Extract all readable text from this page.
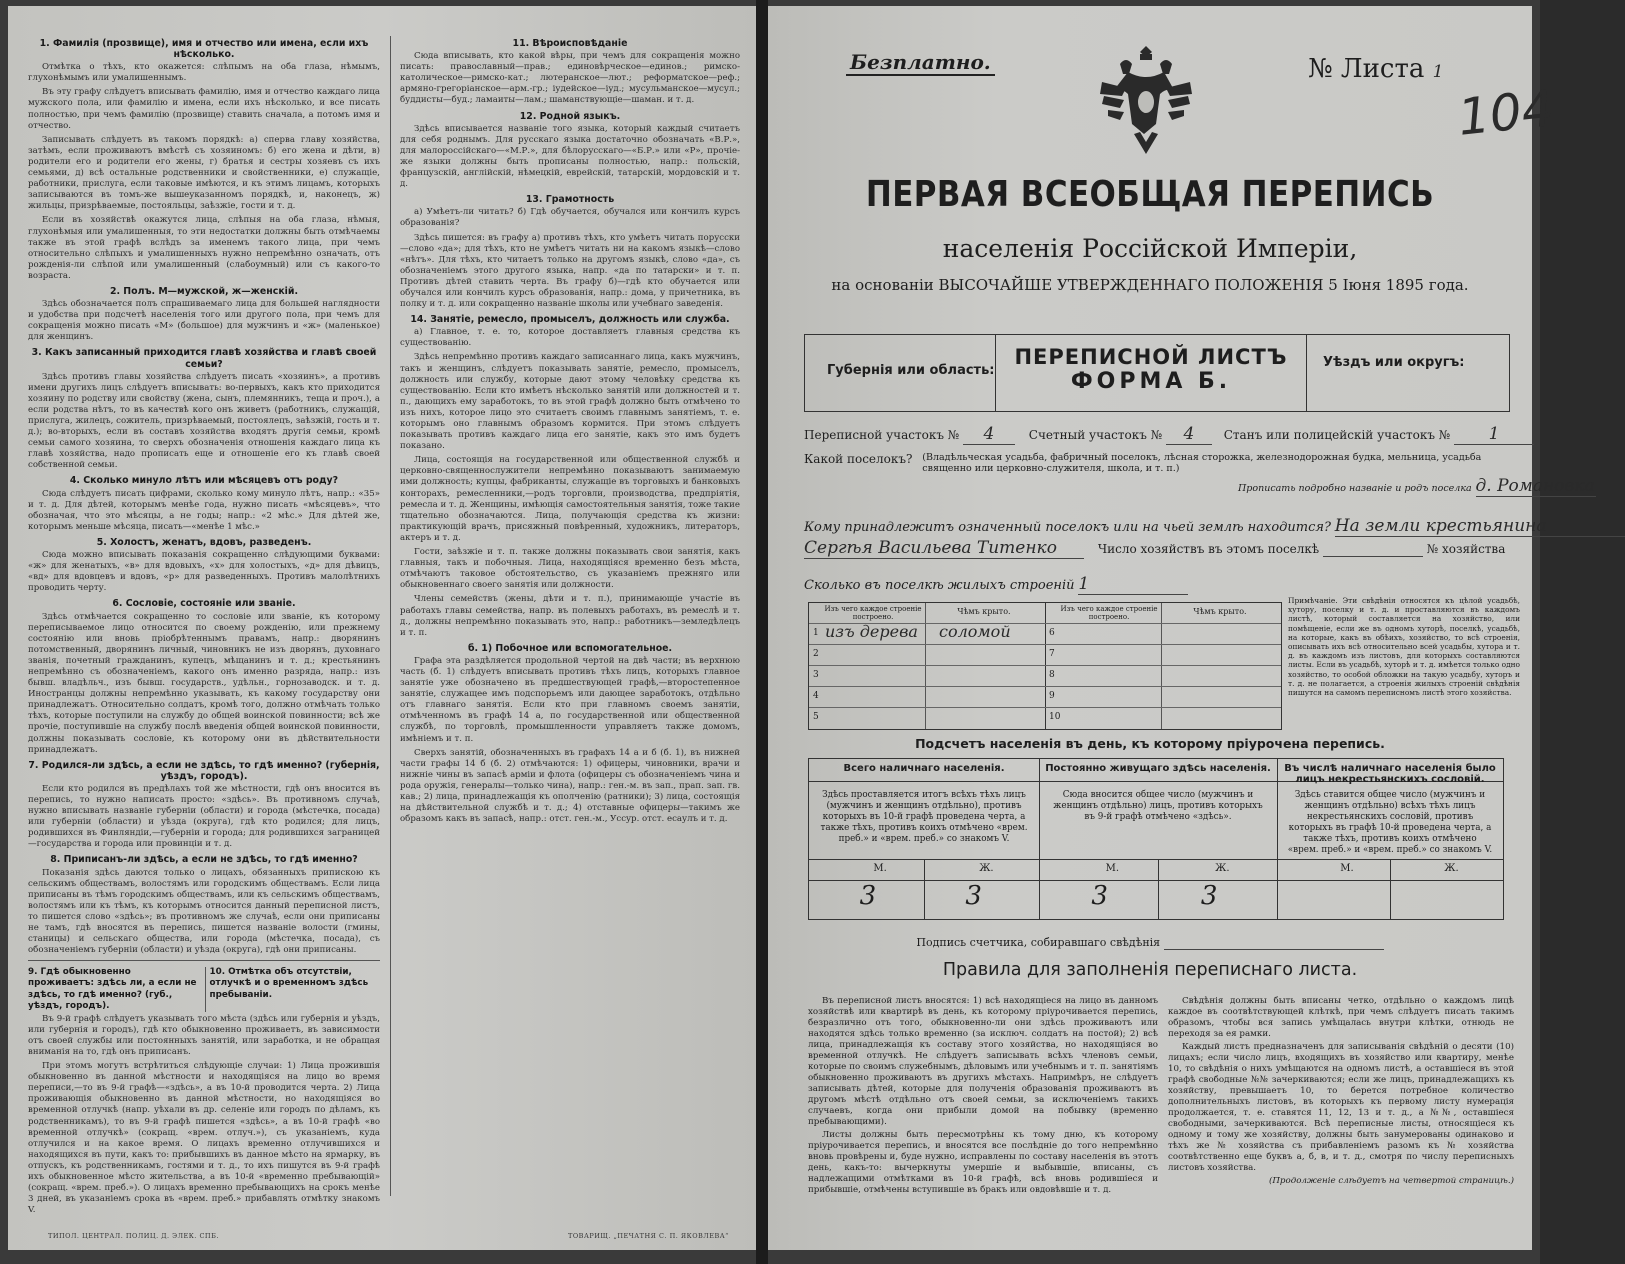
1. Фамилія (прозвище), имя и отчество или имена, если ихъ нѣсколько.

Отмѣтка о тѣхъ, кто окажется: слѣпымъ на оба глаза, нѣмымъ, глухонѣмымъ или умалишеннымъ.

Въ эту графу слѣдуетъ вписывать фамилію, имя и отчество каждаго лица мужского пола, или фамилію и имена, если ихъ нѣсколько, и все писать полностью, при чемъ фамилію (прозвище) ставить сначала, а потомъ имя и отчество.

Записывать слѣдуетъ въ такомъ порядкѣ: а) сперва главу хозяйства, затѣмъ, если проживаютъ вмѣстѣ съ хозяиномъ: б) его жена и дѣти, в) родители его и родители его жены, г) братья и сестры хозяевъ съ ихъ семьями, д) всѣ остальные родственники и свойственники, е) служащіе, работники, прислуга, если таковые имѣются, и къ этимъ лицамъ, которыхъ записываются въ томъ-же вышеуказанномъ порядкѣ, и, наконецъ, ж) жильцы, призрѣваемые, постояльцы, заѣзжіе, гости и т. д.

Если въ хозяйствѣ окажутся лица, слѣпыя на оба глаза, нѣмыя, глухонѣмыя или умалишенныя, то эти недостатки должны быть отмѣчаемы также въ этой графѣ вслѣдъ за именемъ такого лица, при чемъ относительно слѣпыхъ и умалишенныхъ нужно непремѣнно означать, отъ рожденія-ли слѣпой или умалишенный (слабоумный) или съ какого-то возраста.

2. Полъ. М—мужской, ж—женскій.

Здѣсь обозначается полъ спрашиваемаго лица для большей наглядности и удобства при подсчетѣ населенія того или другого пола, при чемъ для сокращенія можно писать «М» (большое) для мужчинъ и «ж» (маленькое) для женщинъ.

3. Какъ записанный приходится главѣ хозяйства и главѣ своей семьи?

Здѣсь противъ главы хозяйства слѣдуетъ писать «хозяинъ», а противъ имени другихъ лицъ слѣдуетъ вписывать: во-первыхъ, какъ кто приходится хозяину по родству или свойству (жена, сынъ, племянникъ, теща и проч.), а если родства нѣтъ, то въ качествѣ кого онъ живетъ (работникъ, служащій, прислуга, жилецъ, сожитель, призрѣваемый, постоялецъ, заѣзжій, гость и т. д.); во-вторыхъ, если въ составъ хозяйства входятъ другія семьи, кромѣ семьи самого хозяина, то сверхъ обозначенія отношенія каждаго лица къ главѣ хозяйства, надо прописать еще и отношеніе его къ главѣ своей собственной семьи.

4. Сколько минуло лѣтъ или мѣсяцевъ отъ роду?

Сюда слѣдуетъ писать цифрами, сколько кому минуло лѣтъ, напр.: «35» и т. д. Для дѣтей, которымъ менѣе года, нужно писать «мѣсяцевъ», что обозначая, что это мѣсяцы, а не годы; напр.: «2 мѣс.» Для дѣтей же, которымъ меньше мѣсяца, писать—«менѣе 1 мѣс.»

5. Холостъ, женатъ, вдовъ, разведенъ.

Сюда можно вписывать показанія сокращенно слѣдующими буквами: «ж» для женатыхъ, «в» для вдовыхъ, «х» для холостыхъ, «д» для дѣвицъ, «вд» для вдовцевъ и вдовъ, «р» для разведенныхъ. Противъ малолѣтнихъ проводить черту.

6. Сословіе, состояніе или званіе.

Здѣсь отмѣчается сокращенно то сословіе или званіе, къ которому переписываемое лицо относится по своему рожденію, или прежнему состоянію или вновь пріобрѣтеннымъ правамъ, напр.: дворянинъ потомственный, дворянинъ личный, чиновникъ не изъ дворянъ, духовнаго званія, почетный гражданинъ, купецъ, мѣщанинъ и т. д.; крестьянинъ непремѣнно съ обозначеніемъ, какого онъ именно разряда, напр.: изъ бывш. владѣльч., изъ бывш. государств., удѣльн., горнозаводск. и т. д. Иностранцы должны непремѣнно указывать, къ какому государству они принадлежатъ. Относительно солдатъ, кромѣ того, должно отмѣчать только тѣхъ, которые поступили на службу до общей воинской повинности; всѣ же прочіе, поступившіе на службу послѣ введенія общей воинской повинности, должны показывать сословіе, къ которому они въ дѣйствительности принадлежатъ.

7. Родился-ли здѣсь, а если не здѣсь, то гдѣ именно? (губернія, уѣздъ, городъ).

Если кто родился въ предѣлахъ той же мѣстности, гдѣ онъ вносится въ перепись, то нужно написать просто: «здѣсь». Въ противномъ случаѣ, нужно вписывать названіе губерніи (области) и города (мѣстечка, посада) или губерніи (области) и уѣзда (округа), гдѣ кто родился; для лицъ, родившихся въ Финляндіи,—губерніи и города; для родившихся заграницей—государства и города или провинціи и т. д.

8. Приписанъ-ли здѣсь, а если не здѣсь, то гдѣ именно?

Показанія здѣсь даются только о лицахъ, обязанныхъ припискою къ сельскимъ обществамъ, волостямъ или городскимъ обществамъ. Если лица приписаны въ тѣмъ городскимъ обществамъ, или къ сельскимъ обществамъ, волостямъ или къ тѣмъ, къ которымъ относится данный переписной листъ, то пишется слово «здѣсь»; въ противномъ же случаѣ, если они приписаны не тамъ, гдѣ вносятся въ перепись, пишется названіе волости (гмины, станицы) и сельскаго общества, или города (мѣстечка, посада), съ обозначеніемъ губерніи (области) и уѣзда (округа), гдѣ они приписаны.

9. Гдѣ обыкновенно проживаетъ: здѣсь ли, а если не здѣсь, то гдѣ именно? (губ., уѣздъ, городъ).
10. Отмѣтка объ отсутствіи, отлучкѣ и о временномъ здѣсь пребываніи.

Въ 9-й графѣ слѣдуетъ указывать того мѣста (здѣсь или губернія и уѣздъ, или губернія и городъ), гдѣ кто обыкновенно проживаетъ, въ зависимости отъ своей службы или постоянныхъ занятій, или заработка, и не обращая вниманія на то, гдѣ онъ приписанъ.

При этомъ могутъ встрѣтиться слѣдующіе случаи: 1) Лица прожившія обыкновенно въ данной мѣстности и находящіяся на лицо во время переписи,—то въ 9-й графѣ—«здѣсь», а въ 10-й проводится черта. 2) Лица проживающія обыкновенно въ данной мѣстности, но находящіяся во временной отлучкѣ (напр. уѣхали въ др. селеніе или городъ по дѣламъ, къ родственникамъ), то въ 9-й графѣ пишется «здѣсь», а въ 10-й графѣ «во временной отлучкѣ» (сокращ. «врем. отлуч.»), съ указаніемъ, куда отлучился и на какое время. О лицахъ временно отлучившихся и находящихся въ пути, какъ то: прибывшихъ въ данное мѣсто на ярмарку, въ отпускъ, къ родственникамъ, гостями и т. д., то ихъ пишутся въ 9-й графѣ ихъ обыкновенное мѣсто жительства, а въ 10-й «временно пребывающій» (сокращ. «врем. преб.»). О лицахъ временно пребывающихъ на срокъ менѣе 3 дней, въ указаніемъ срока въ «врем. преб.» прибавлять отмѣтку знакомъ V.

11. Вѣроисповѣданіе

Сюда вписывать, кто какой вѣры, при чемъ для сокращенія можно писать: православный—прав.; единовѣрческое—единов.; римско-католическое—римско-кат.; лютеранское—лют.; реформатское—реф.; армяно-грегоріанское—арм.-гр.; іудейское—іуд.; мусульманское—мусул.; буддисты—буд.; ламаиты—лам.; шаманствующіе—шаман. и т. д.

12. Родной языкъ.

Здѣсь вписывается названіе того языка, который каждый считаетъ для себя роднымъ. Для русскаго языка достаточно обозначать «В.Р.», для малороссійскаго—«М.Р.», для бѣлорусскаго—«Б.Р.» или «Р», прочіе-же языки должны быть прописаны полностью, напр.: польскій, французскій, англійскій, нѣмецкій, еврейскій, татарскій, мордовскій и т. д.

13. Грамотность

а) Умѣетъ-ли читать? б) Гдѣ обучается, обучался или кончилъ курсъ образованія?

Здѣсь пишется: въ графу а) противъ тѣхъ, кто умѣетъ читать порусски—слово «да»; для тѣхъ, кто не умѣетъ читать ни на какомъ языкѣ—слово «нѣтъ». Для тѣхъ, кто читаетъ только на другомъ языкѣ, слово «да», съ обозначеніемъ этого другого языка, напр. «да по татарски» и т. п. Противъ дѣтей ставить черта. Въ графу б)—гдѣ кто обучается или обучался или кончилъ курсъ образованія, напр.: дома, у причетника, въ полку и т. д. или сокращенно названіе школы или учебнаго заведенія.

14. Занятіе, ремесло, промыселъ, должность или служба.

а) Главное, т. е. то, которое доставляетъ главныя средства къ существованію.

Здѣсь непремѣнно противъ каждаго записаннаго лица, какъ мужчинъ, такъ и женщинъ, слѣдуетъ показывать занятіе, ремесло, промыселъ, должность или службу, которые дают этому человѣку средства къ существованію. Если кто имѣетъ нѣсколько занятій или должностей и т. п., дающихъ ему заработокъ, то въ этой графѣ должно быть отмѣчено то изъ нихъ, которое лицо это считаетъ своимъ главнымъ занятіемъ, т. е. которымъ оно главнымъ образомъ кормится. При этомъ слѣдуетъ показывать противъ каждаго лица его занятіе, какъ это имъ будетъ показано.

Лица, состоящія на государственной или общественной службѣ и церковно-священнослужители непремѣнно показываютъ занимаемую ими должность; купцы, фабриканты, служащіе въ торговыхъ и банковыхъ конторахъ, ремесленники,—родъ торговли, производства, предпріятія, ремесла и т. д. Женщины, имѣющія самостоятельныя занятія, тоже такие тщательно обозначаются. Лица, получающія средства къ жизни: практикующій врачъ, присяжный повѣренный, художникъ, литераторъ, актеръ и т. д.

Гости, заѣзжіе и т. п. также должны показывать свои занятія, какъ главныя, такъ и побочныя. Лица, находящіяся временно безъ мѣста, отмѣчаютъ таковое обстоятельство, съ указаніемъ прежняго или обыкновеннаго своего занятія или должности.

Члены семействъ (жены, дѣти и т. п.), принимающіе участіе въ работахъ главы семейства, напр. въ полевыхъ работахъ, въ ремеслѣ и т. д., должны непремѣнно показывать это, напр.: работникъ—земледѣлецъ и т. п.

б. 1) Побочное или вспомогательное.

Графа эта раздѣляется продольной чертой на двѣ части; въ верхнюю часть (б. 1) слѣдуетъ вписывать противъ тѣхъ лицъ, которыхъ главное занятіе уже обозначено въ предшествующей графѣ,—второстепенное занятіе, служащее имъ подспорьемъ или дающее заработокъ, отдѣльно отъ главнаго занятія. Если кто при главномъ своемъ занятіи, отмѣченномъ въ графѣ 14 а, по государственной или общественной службѣ, по торговлѣ, промышленности управляетъ также домомъ, имѣніемъ и т. п.

Сверхъ занятій, обозначенныхъ въ графахъ 14 а и б (б. 1), въ нижней части графы 14 б (б. 2) отмѣчаются: 1) офицеры, чиновники, врачи и нижніе чины въ запасѣ арміи и флота (офицеры съ обозначеніемъ чина и рода оружія, генералы—только чина), напр.: ген.-м. въ зап., прап. зап. гв. кав.; 2) лица, принадлежащія къ ополченію (ратники); 3) лица, состоящія на дѣйствительной службѣ и т. д.; 4) отставные офицеры—такимъ же образомъ какъ въ запасѣ, напр.: отст. ген.-м., Уссур. отст. есаулъ и т. д.

ТИПОЛ. ЦЕНТРАЛ. ПОЛИЦ. Д. ЭЛЕК. СПБ.	ТОВАРИЩ. „ПЕЧАТНЯ С. П. ЯКОВЛЕВА“
Безплатно.	№ Листа 1
104
ПЕРВАЯ ВСЕОБЩАЯ ПЕРЕПИСЬ
населенія Россійской Имперіи,
на основаніи ВЫСОЧАЙШЕ УТВЕРЖДЕННАГО ПОЛОЖЕНІЯ 5 Іюня 1895 года.
Губернія или область:
ПЕРЕПИСНОЙ ЛИСТЪ
ФОРМА Б.
Уѣздъ или округъ:
Переписной участокъ № 4	Счетный участокъ № 4 Станъ или полицейскій участокъ № 1
Какой поселокъ? (Владѣльческая усадьба, фабричный поселокъ, лѣсная сторожка, железнодорожная будка, мельница, усадьба священно или церковно-служителя, школа, и т. п.)
Прописать подробно названіе и родъ поселка д. Романовка
Кому принадлежитъ означенный поселокъ или на чьей землѣ находится? На земли крестьянина
Сергѣя Васильева Титенко	Число хозяйствъ въ этомъ поселкѣ	№ хозяйства
Сколько въ поселкѣ жилыхъ строеній 1
Изъ чего каждое строеніе построено.
Чѣмъ крыто.
1 изъ дерева соломой
2
3
4
5
Изъ чего каждое строеніе построено.
Чѣмъ крыто.
6
7
8
9
10
Примѣчаніе. Эти свѣдѣнія относятся къ цѣлой усадьбѣ, хутору, поселку и т. д. и проставляются въ каждомъ листѣ, который составляется на хозяйство, или помѣщеніе, если же въ одномъ хуторѣ, поселкѣ, усадьбѣ, на которые, какъ въ обѣихъ, хозяйство, то всѣ строенія, описывать ихъ всѣ относительно всей усадьбы, хутора и т. д. въ каждомъ изъ листовъ, для которыхъ составляются листы. Если въ усадьбѣ, хуторѣ и т. д. имѣется только одно хозяйство, то особой обложки на такую усадьбу, хуторъ и т. д. не полагается, а строенія жилыхъ строеній свѣдѣнія пишутся на самомъ переписномъ листѣ этого хозяйства.
Подсчетъ населенія въ день, къ которому пріурочена перепись.
Всего наличнаго населенія.
Здѣсь проставляется итогъ всѣхъ тѣхъ лицъ (мужчинъ и женщинъ отдѣльно), противъ которыхъ въ 10-й графѣ проведена черта, а также тѣхъ, противъ коихъ отмѣчено «врем. преб.» и «врем. преб.» со знакомъ V.
М.	Ж.
3	3
Постоянно живущаго здѣсь населенія.
Сюда вносится общее число (мужчинъ и женщинъ отдѣльно) лицъ, противъ которыхъ въ 9-й графѣ отмѣчено «здѣсь».
М.	Ж.
3	3
Въ числѣ наличнаго населенія было лицъ некрестьянскихъ сословій.
Здѣсь ставится общее число (мужчинъ и женщинъ отдѣльно) всѣхъ тѣхъ лицъ некрестьянскихъ сословій, противъ которыхъ въ графѣ 10-й проведена черта, а также тѣхъ, противъ коихъ отмѣчено «врем. преб.» и «врем. преб.» со знакомъ V.
М.	Ж.
Подпись счетчика, собиравшаго свѣдѣнія
Правила для заполненія переписнаго листа.

Въ переписной листъ вносятся: 1) всѣ находящіеся на лицо въ данномъ хозяйствѣ или квартирѣ въ день, къ которому пріурочивается перепись, безразлично отъ того, обыкновенно-ли они здѣсь проживаютъ или находятся здѣсь только временно (за исключ. солдатъ на постой); 2) всѣ лица, принадлежащія къ составу этого хозяйства, но находящіяся во временной отлучкѣ. Не слѣдуетъ записывать всѣхъ членовъ семьи, которые по своимъ служебнымъ, дѣловымъ или учебнымъ и т. п. занятіямъ обыкновенно проживаютъ въ другихъ мѣстахъ. Напримѣръ, не слѣдуетъ записывать дѣтей, которые для полученія образованія проживаютъ въ другомъ мѣстѣ отдѣльно отъ своей семьи, за исключеніемъ такихъ случаевъ, когда они прибыли домой на побывку (временно пребывающими).

Листы должны быть пересмотрѣны къ тому дню, къ которому пріурочивается перепись, и вносятся все послѣдніе до того непремѣнно вновь провѣрены и, буде нужно, исправлены по составу населенія въ этотъ день, какъ-то: вычеркнуты умершіе и выбывшіе, вписаны, съ надлежащими отмѣтками въ 10-й графѣ, всѣ вновь родившіеся и прибывшіе, отмѣчены вступившіе въ бракъ или овдовѣвшіе и т. д.

Свѣдѣнія должны быть вписаны четко, отдѣльно о каждомъ лицѣ каждое въ соотвѣтствующей клѣткѣ, при чемъ слѣдуетъ писать такимъ образомъ, чтобы вся запись умѣщалась внутри клѣтки, отнюдь не переходя за ея рамки.

Каждый листъ предназначенъ для записыванія свѣдѣній о десяти (10) лицахъ; если число лицъ, входящихъ въ хозяйство или квартиру, менѣе 10, то свѣдѣнія о нихъ умѣщаются на одномъ листѣ, а оставшіеся въ этой графѣ свободные №№ зачеркиваются; если же лицъ, принадлежащихъ къ хозяйству, превышаетъ 10, то берется потребное количество дополнительныхъ листовъ, въ которыхъ къ первому листу нумерація продолжается, т. е. ставятся 11, 12, 13 и т. д., а №№, оставшіеся свободными, зачеркиваются. Всѣ переписные листы, относящіеся къ одному и тому же хозяйству, должны быть занумерованы одинаково и тѣхъ же № хозяйства съ прибавленіемъ разомъ къ № хозяйства соотвѣтственно еще буквъ а, б, в, и т. д., смотря по числу переписныхъ листовъ хозяйства.

(Продолженіе слѣдуетъ на четвертой страницѣ.)
